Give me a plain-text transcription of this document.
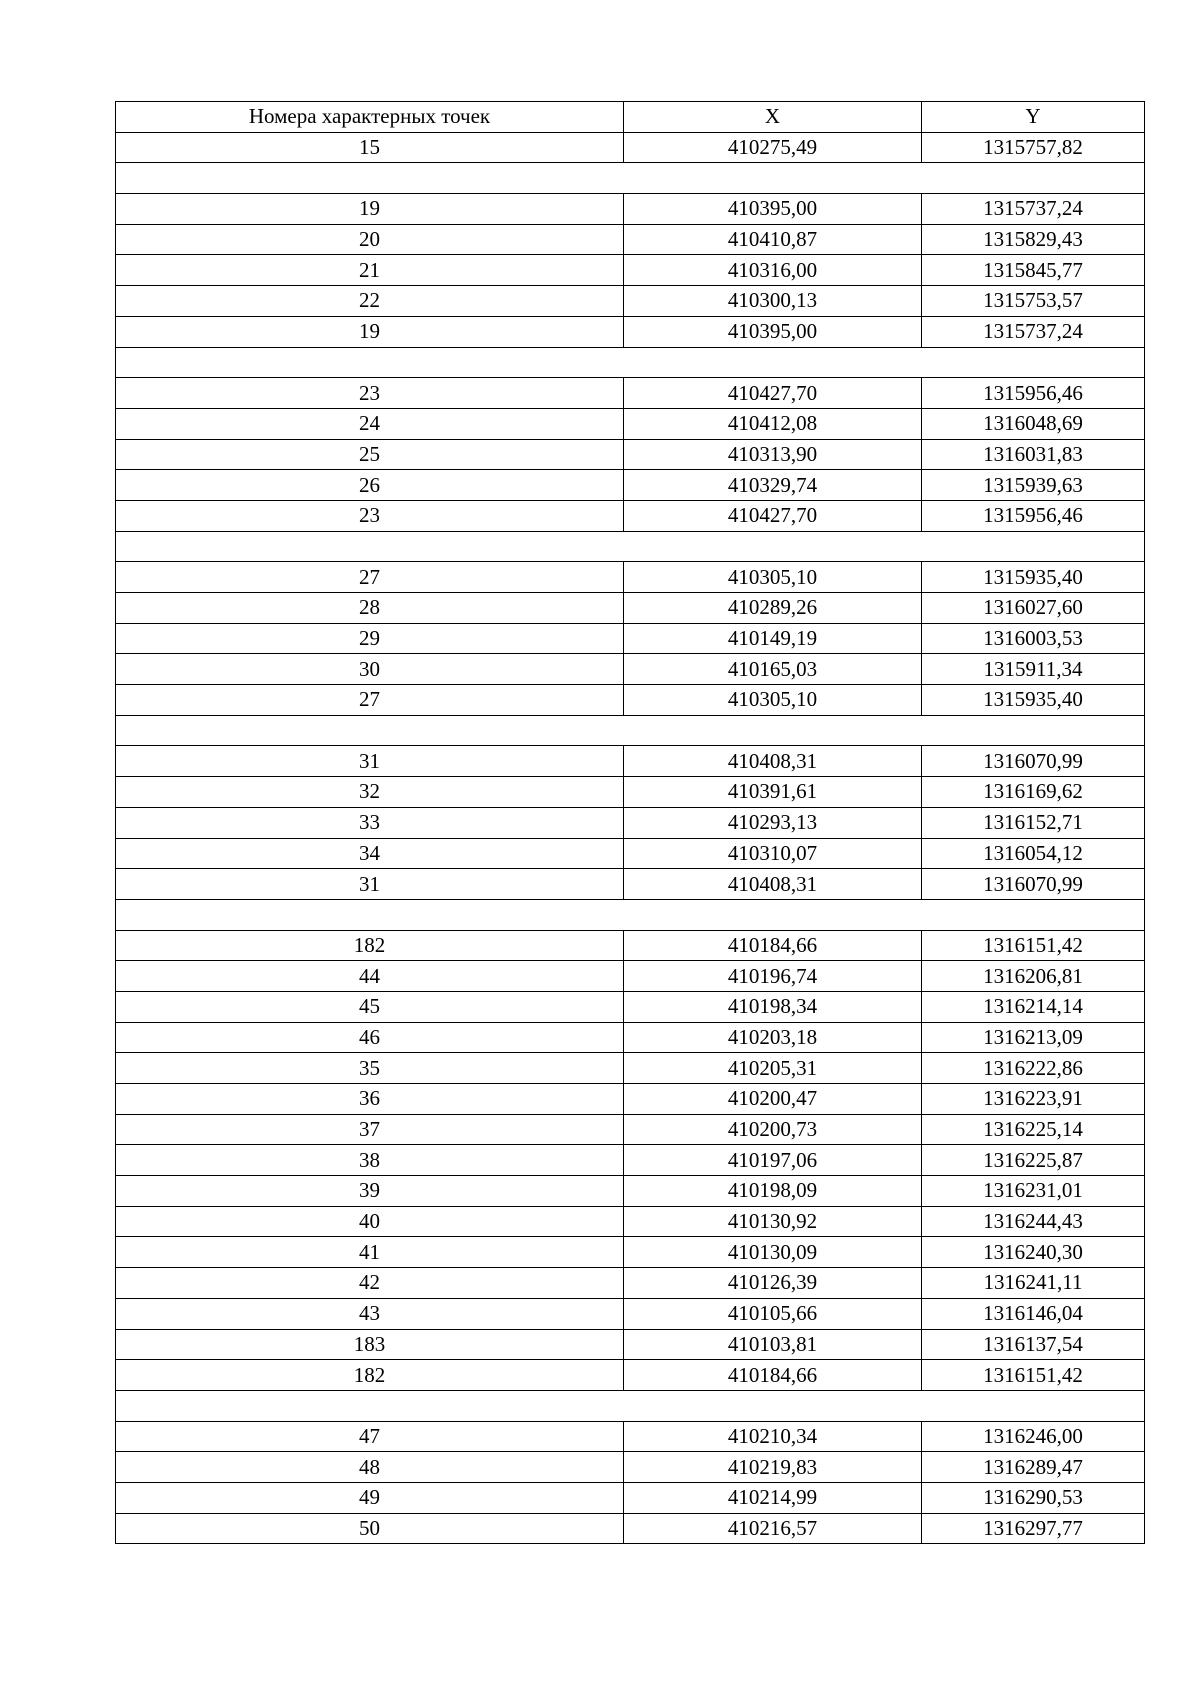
Номера характерных точек	X	Y
15	410275,49	1315757,82

19	410395,00	1315737,24
20	410410,87	1315829,43
21	410316,00	1315845,77
22	410300,13	1315753,57
19	410395,00	1315737,24

23	410427,70	1315956,46
24	410412,08	1316048,69
25	410313,90	1316031,83
26	410329,74	1315939,63
23	410427,70	1315956,46

27	410305,10	1315935,40
28	410289,26	1316027,60
29	410149,19	1316003,53
30	410165,03	1315911,34
27	410305,10	1315935,40

31	410408,31	1316070,99
32	410391,61	1316169,62
33	410293,13	1316152,71
34	410310,07	1316054,12
31	410408,31	1316070,99

182	410184,66	1316151,42
44	410196,74	1316206,81
45	410198,34	1316214,14
46	410203,18	1316213,09
35	410205,31	1316222,86
36	410200,47	1316223,91
37	410200,73	1316225,14
38	410197,06	1316225,87
39	410198,09	1316231,01
40	410130,92	1316244,43
41	410130,09	1316240,30
42	410126,39	1316241,11
43	410105,66	1316146,04
183	410103,81	1316137,54
182	410184,66	1316151,42

47	410210,34	1316246,00
48	410219,83	1316289,47
49	410214,99	1316290,53
50	410216,57	1316297,77
